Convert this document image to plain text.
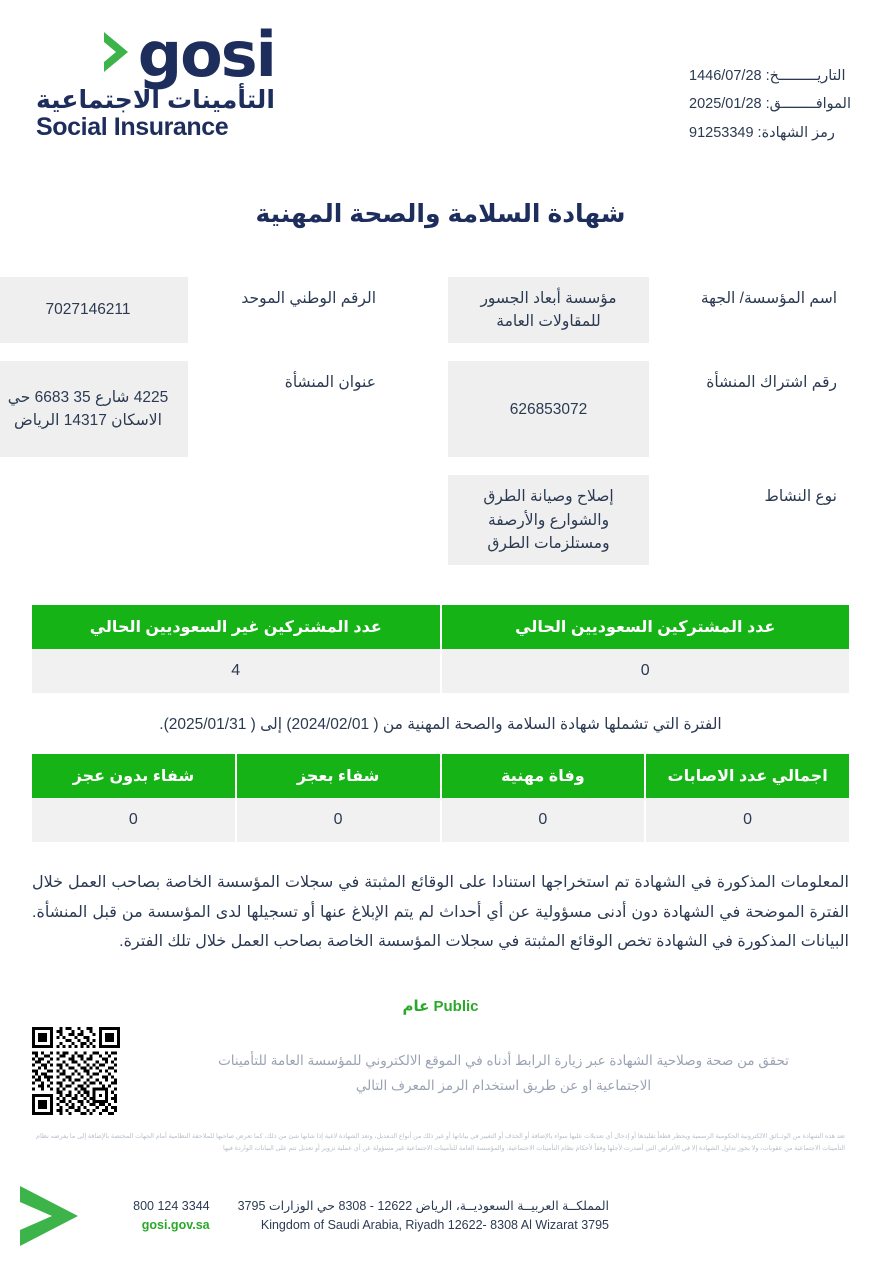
gosi
التأمينات الاجتماعية
Social Insurance
التاريـــــــــخ: 1446/07/28
الموافــــــــق: 2025/01/28
رمز الشهادة: 91253349
شهادة السلامة والصحة المهنية
اسم المؤسسة/ الجهة
مؤسسة أبعاد الجسور للمقاولات العامة
الرقم الوطني الموحد
7027146211
رقم اشتراك المنشأة
626853072
عنوان المنشأة
4225 شارع 35 6683 حي الاسكان 14317 الرياض
نوع النشاط
إصلاح وصيانة الطرق والشوارع والأرصفة ومستلزمات الطرق
عدد المشتركين السعوديين الحالي
عدد المشتركين غير السعوديين الحالي
0
4
الفترة التي تشملها شهادة السلامة والصحة المهنية من ( 2024/02/01) إلى ( 2025/01/31).
اجمالي عدد الاصابات
وفاة مهنية
شفاء بعجز
شفاء بدون عجز
0
0
0
0
المعلومات المذكورة في الشهادة تم استخراجها استنادا على الوقائع المثبتة في سجلات المؤسسة الخاصة بصاحب العمل خلال الفترة الموضحة في الشهادة دون أدنى مسؤولية عن أي أحداث لم يتم الإبلاغ عنها أو تسجيلها لدى المؤسسة من قبل المنشأة. البيانات المذكورة في الشهادة تخص الوقائع المثبتة في سجلات المؤسسة الخاصة بصاحب العمل خلال تلك الفترة.
Public عام
تحقق من صحة وصلاحية الشهادة عبر زيارة الرابط أدناه في الموقع الالكتروني للمؤسسة العامة للتأمينات الاجتماعية او عن طريق استخدام الرمز المعرف التالي
تعد هذه الشهادة من الوثــائق الالكترونية الحكومية الرسمية ويحظر قطعاً تقليدها أو إدخال أي تعديلات عليها سواء بالإضافة أو الحذف أو التغيير في بياناتها أو غير ذلك من أنواع التـعديل، وتعد الشهادة لاغية إذا شابها شئ من ذلك، كما تعرض صاحبها للملاحقة النظامية أمام الجهات المختصة بالإضافة إلى ما يفرضه نظام التأمينات الاجتماعية من عقوبات، ولا يجوز تداول الشهادة إلا في الأغراض التي أصدرت لأجلها وفقاً لأحكام نظام التأمينات الاجتماعية، والمؤسسة العامة للتأمينات الاجتماعية غير مسؤولة عن أي عملية تزوير أو تعديل تتم على البيانات الواردة فيها
المملكــة العربيــة السعوديــة، الرياض 12622 - 8308 حي الوزارات 3795
Kingdom of Saudi Arabia, Riyadh 12622- 8308 Al Wizarat 3795
800 124 3344
gosi.gov.sa
